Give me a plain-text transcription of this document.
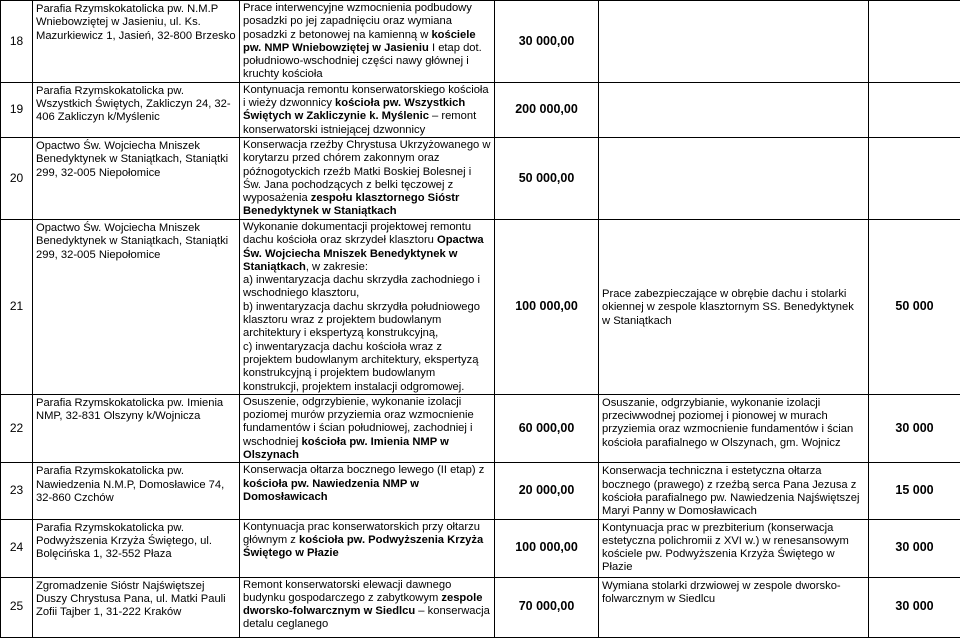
18	Parafia Rzymskokatolicka pw. N.M.P Wniebowziętej w Jasieniu, ul. Ks. Mazurkiewicz 1, Jasień, 32-800 Brzesko	Prace interwencyjne wzmocnienia podbudowy posadzki po jej zapadnięciu oraz wymiana posadzki z betonowej na kamienną w kościele pw. NMP Wniebowziętej w Jasieniu I etap dot. południowo-wschodniej części nawy głównej i kruchty kościoła	30 000,00		
19	Parafia Rzymskokatolicka pw. Wszystkich Świętych, Zakliczyn 24, 32-406 Zakliczyn k/Myślenic	Kontynuacja remontu konserwatorskiego kościoła i wieży dzwonnicy kościoła pw. Wszystkich Świętych w Zakliczynie k. Myślenic – remont konserwatorski istniejącej dzwonnicy	200 000,00		
20	Opactwo Św. Wojciecha Mniszek Benedyktynek w Staniątkach, Staniątki 299, 32-005 Niepołomice	Konserwacja rzeźby Chrystusa Ukrzyżowanego w korytarzu przed chórem zakonnym oraz późnogotyckich rzeźb Matki Boskiej Bolesnej i Św. Jana pochodzących z belki tęczowej z wyposażenia zespołu klasztornego Sióstr Benedyktynek w Staniątkach	50 000,00		
21	Opactwo Św. Wojciecha Mniszek Benedyktynek w Staniątkach, Staniątki 299, 32-005 Niepołomice	Wykonanie dokumentacji projektowej remontu dachu kościoła oraz skrzydeł klasztoru Opactwa Św. Wojciecha Mniszek Benedyktynek w Staniątkach, w zakresie:
a) inwentaryzacja dachu skrzydła zachodniego i wschodniego klasztoru,
b) inwentaryzacja dachu skrzydła południowego klasztoru wraz z projektem budowlanym architektury i ekspertyzą konstrukcyjną,
c) inwentaryzacja dachu kościoła wraz z projektem budowlanym architektury, ekspertyzą konstrukcyjną i projektem budowlanym konstrukcji, projektem instalacji odgromowej.	100 000,00	Prace zabezpieczające w obrębie dachu i stolarki okiennej w zespole klasztornym SS. Benedyktynek w Staniątkach	50 000
22	Parafia Rzymskokatolicka pw. Imienia NMP, 32-831 Olszyny k/Wojnicza	Osuszenie, odgrzybienie, wykonanie izolacji poziomej murów przyziemia oraz wzmocnienie fundamentów i ścian południowej, zachodniej i wschodniej kościoła pw. Imienia NMP w Olszynach	60 000,00	Osuszanie, odgrzybianie, wykonanie izolacji przeciwwodnej poziomej i pionowej w murach przyziemia oraz wzmocnienie fundamentów i ścian kościoła parafialnego w Olszynach, gm. Wojnicz	30 000
23	Parafia Rzymskokatolicka pw. Nawiedzenia N.M.P, Domosławice 74, 32-860 Czchów	Konserwacja ołtarza bocznego lewego (II etap) z kościoła pw. Nawiedzenia NMP w Domosławicach	20 000,00	Konserwacja techniczna i estetyczna ołtarza bocznego (prawego) z rzeźbą serca Pana Jezusa z kościoła parafialnego pw. Nawiedzenia Najświętszej Maryi Panny w Domosławicach	15 000
24	Parafia Rzymskokatolicka pw. Podwyższenia Krzyża Świętego, ul. Bolęcińska 1, 32-552 Płaza	Kontynuacja prac konserwatorskich przy ołtarzu głównym z kościoła pw. Podwyższenia Krzyża Świętego w Płazie	100 000,00	Kontynuacja prac w prezbiterium (konserwacja estetyczna polichromii z XVI w.) w renesansowym kościele pw. Podwyższenia Krzyża Świętego w Płazie	30 000
25	Zgromadzenie Sióstr Najświętszej Duszy Chrystusa Pana, ul. Matki Pauli Zofii Tajber 1, 31-222 Kraków	Remont konserwatorski elewacji dawnego budynku gospodarczego z zabytkowym zespole dworsko-folwarcznym w Siedlcu – konserwacja detalu ceglanego	70 000,00	Wymiana stolarki drzwiowej w zespole dworsko-folwarcznym w Siedlcu	30 000
